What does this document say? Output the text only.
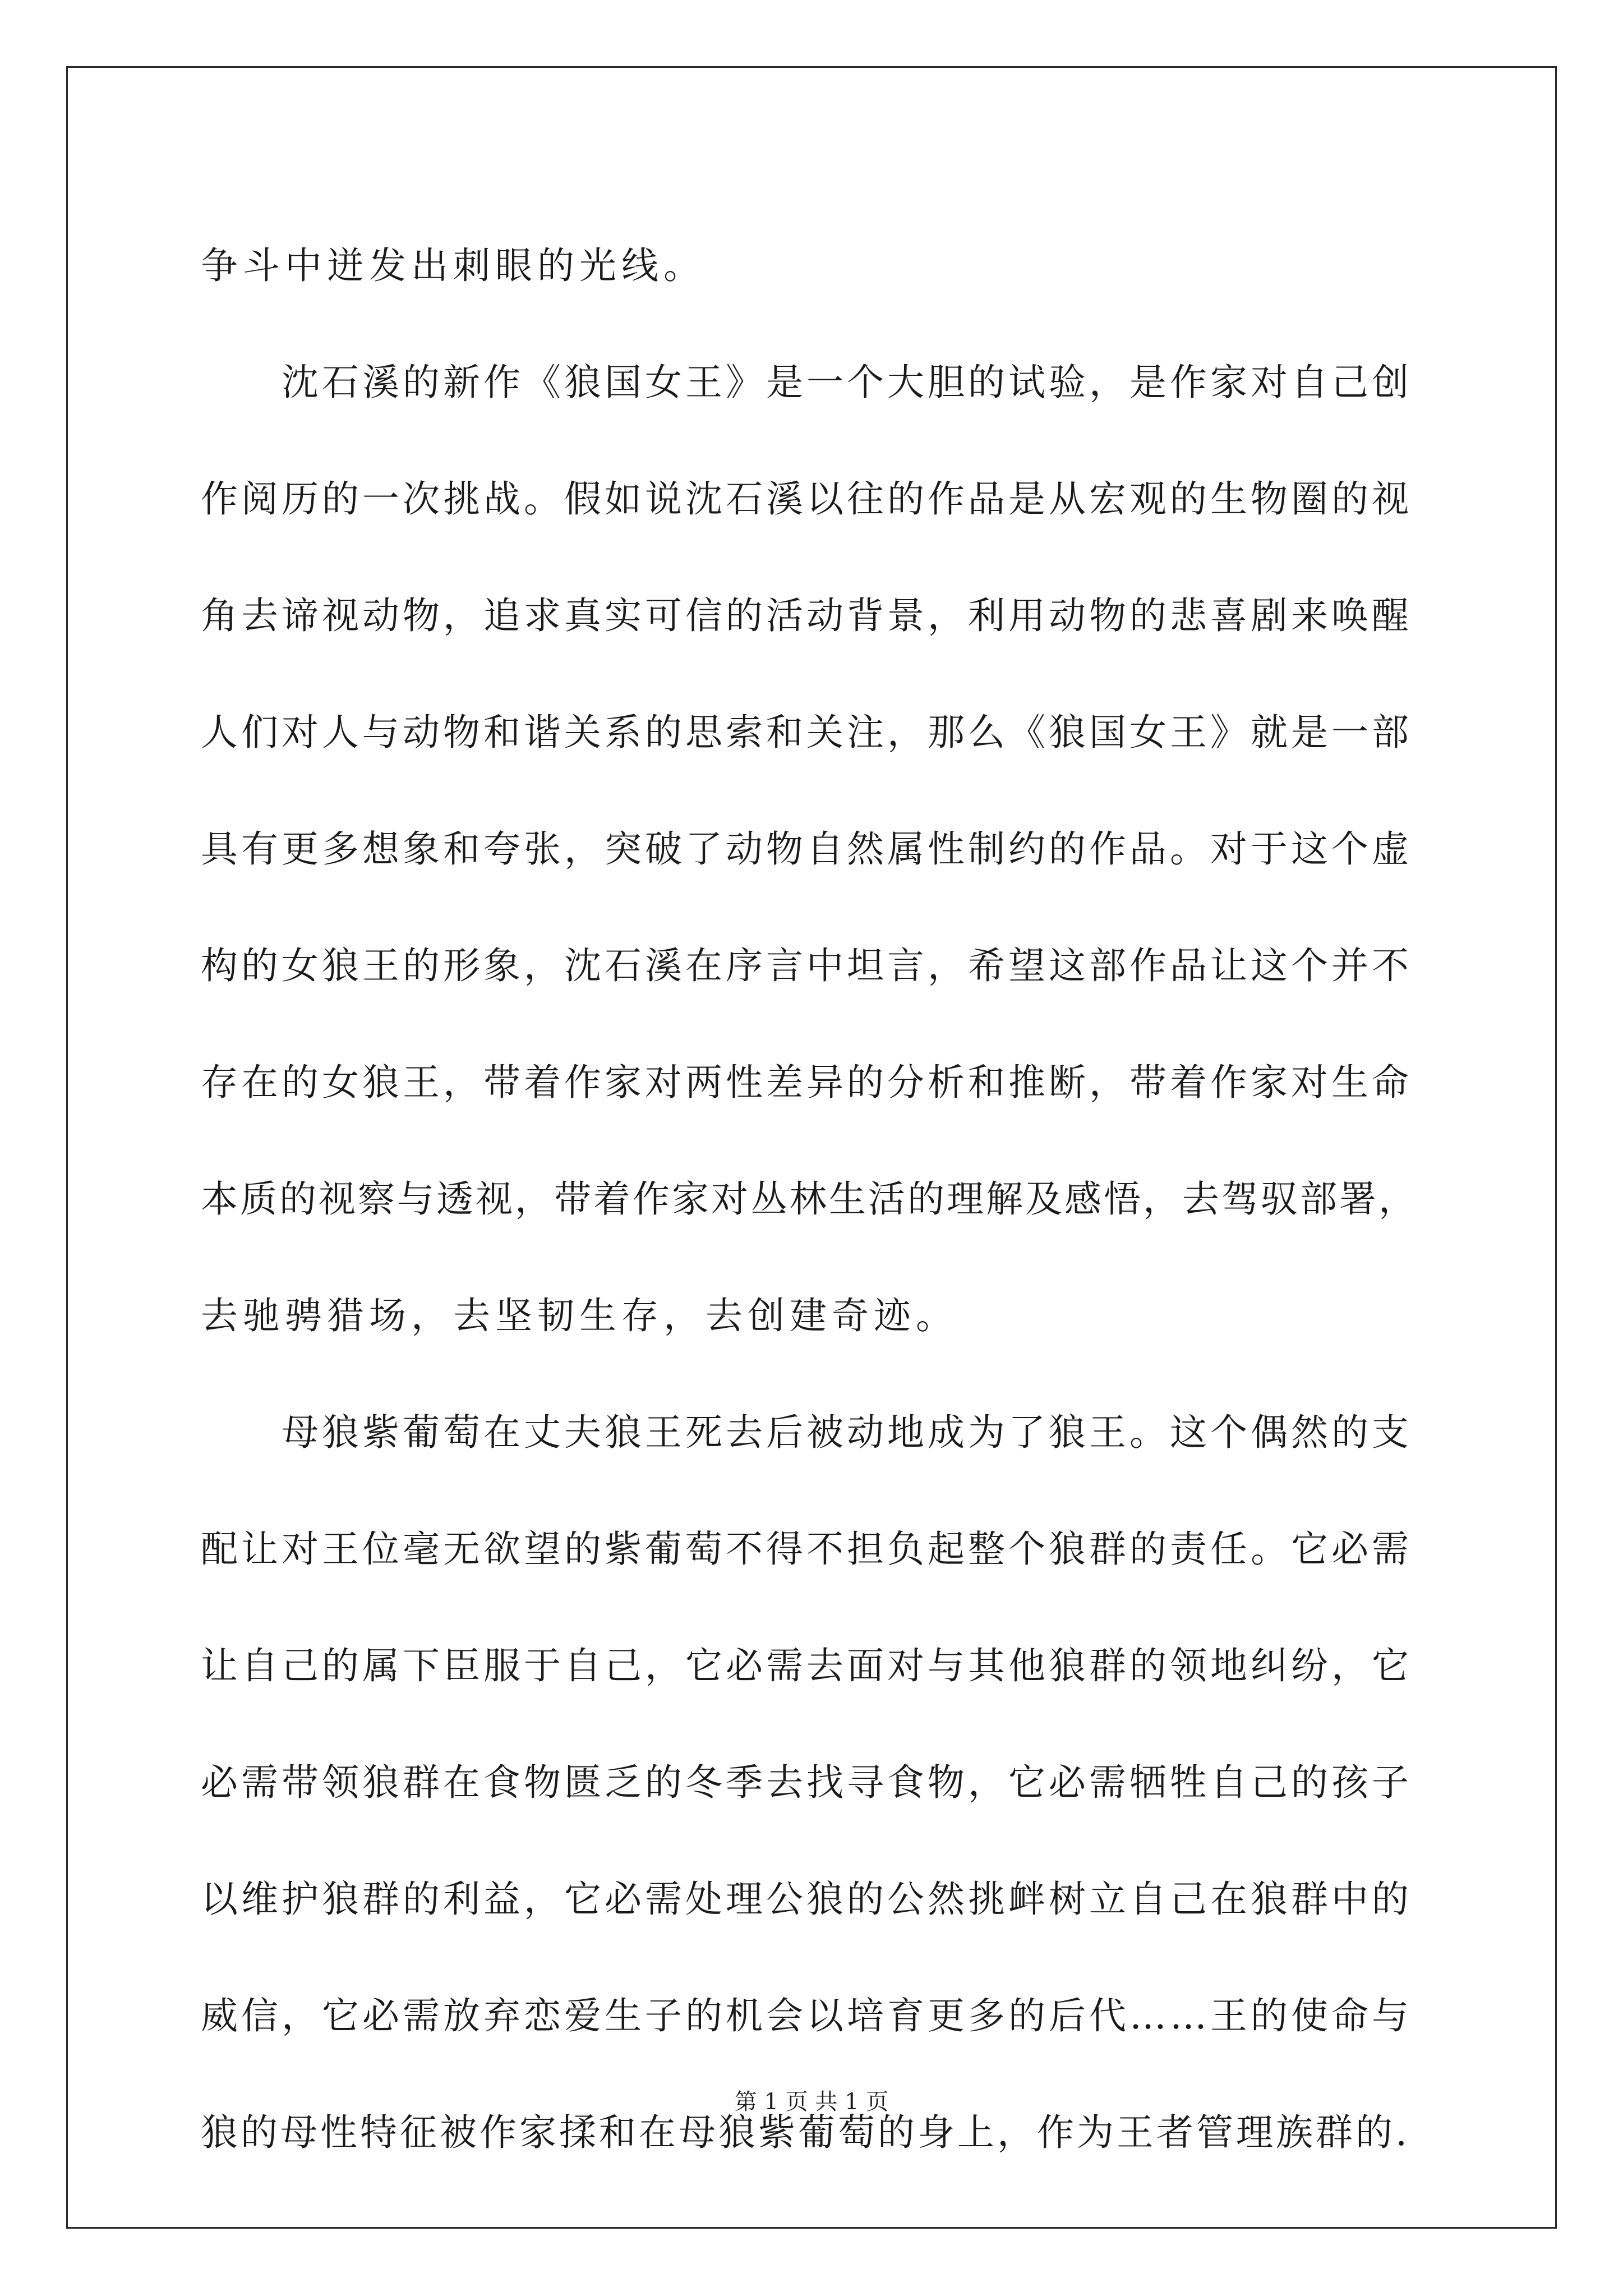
争斗中迸发出刺眼的光线。
沈石溪的新作《狼国女王》是一个大胆的试验，是作家对自己创
作阅历的一次挑战。假如说沈石溪以往的作品是从宏观的生物圈的视
角去谛视动物，追求真实可信的活动背景，利用动物的悲喜剧来唤醒
人们对人与动物和谐关系的思索和关注，那么《狼国女王》就是一部
具有更多想象和夸张，突破了动物自然属性制约的作品。对于这个虚
构的女狼王的形象，沈石溪在序言中坦言，希望这部作品让这个并不
存在的女狼王，带着作家对两性差异的分析和推断，带着作家对生命
本质的视察与透视，带着作家对丛林生活的理解及感悟，去驾驭部署，
去驰骋猎场，去坚韧生存，去创建奇迹。
母狼紫葡萄在丈夫狼王死去后被动地成为了狼王。这个偶然的支
配让对王位毫无欲望的紫葡萄不得不担负起整个狼群的责任。它必需
让自己的属下臣服于自己，它必需去面对与其他狼群的领地纠纷，它
必需带领狼群在食物匮乏的冬季去找寻食物，它必需牺牲自己的孩子
以维护狼群的利益，它必需处理公狼的公然挑衅树立自己在狼群中的
威信，它必需放弃恋爱生子的机会以培育更多的后代……王的使命与
狼的母性特征被作家揉和在母狼紫葡萄的身上，作为王者管理族群的.
第 1 页 共 1 页
